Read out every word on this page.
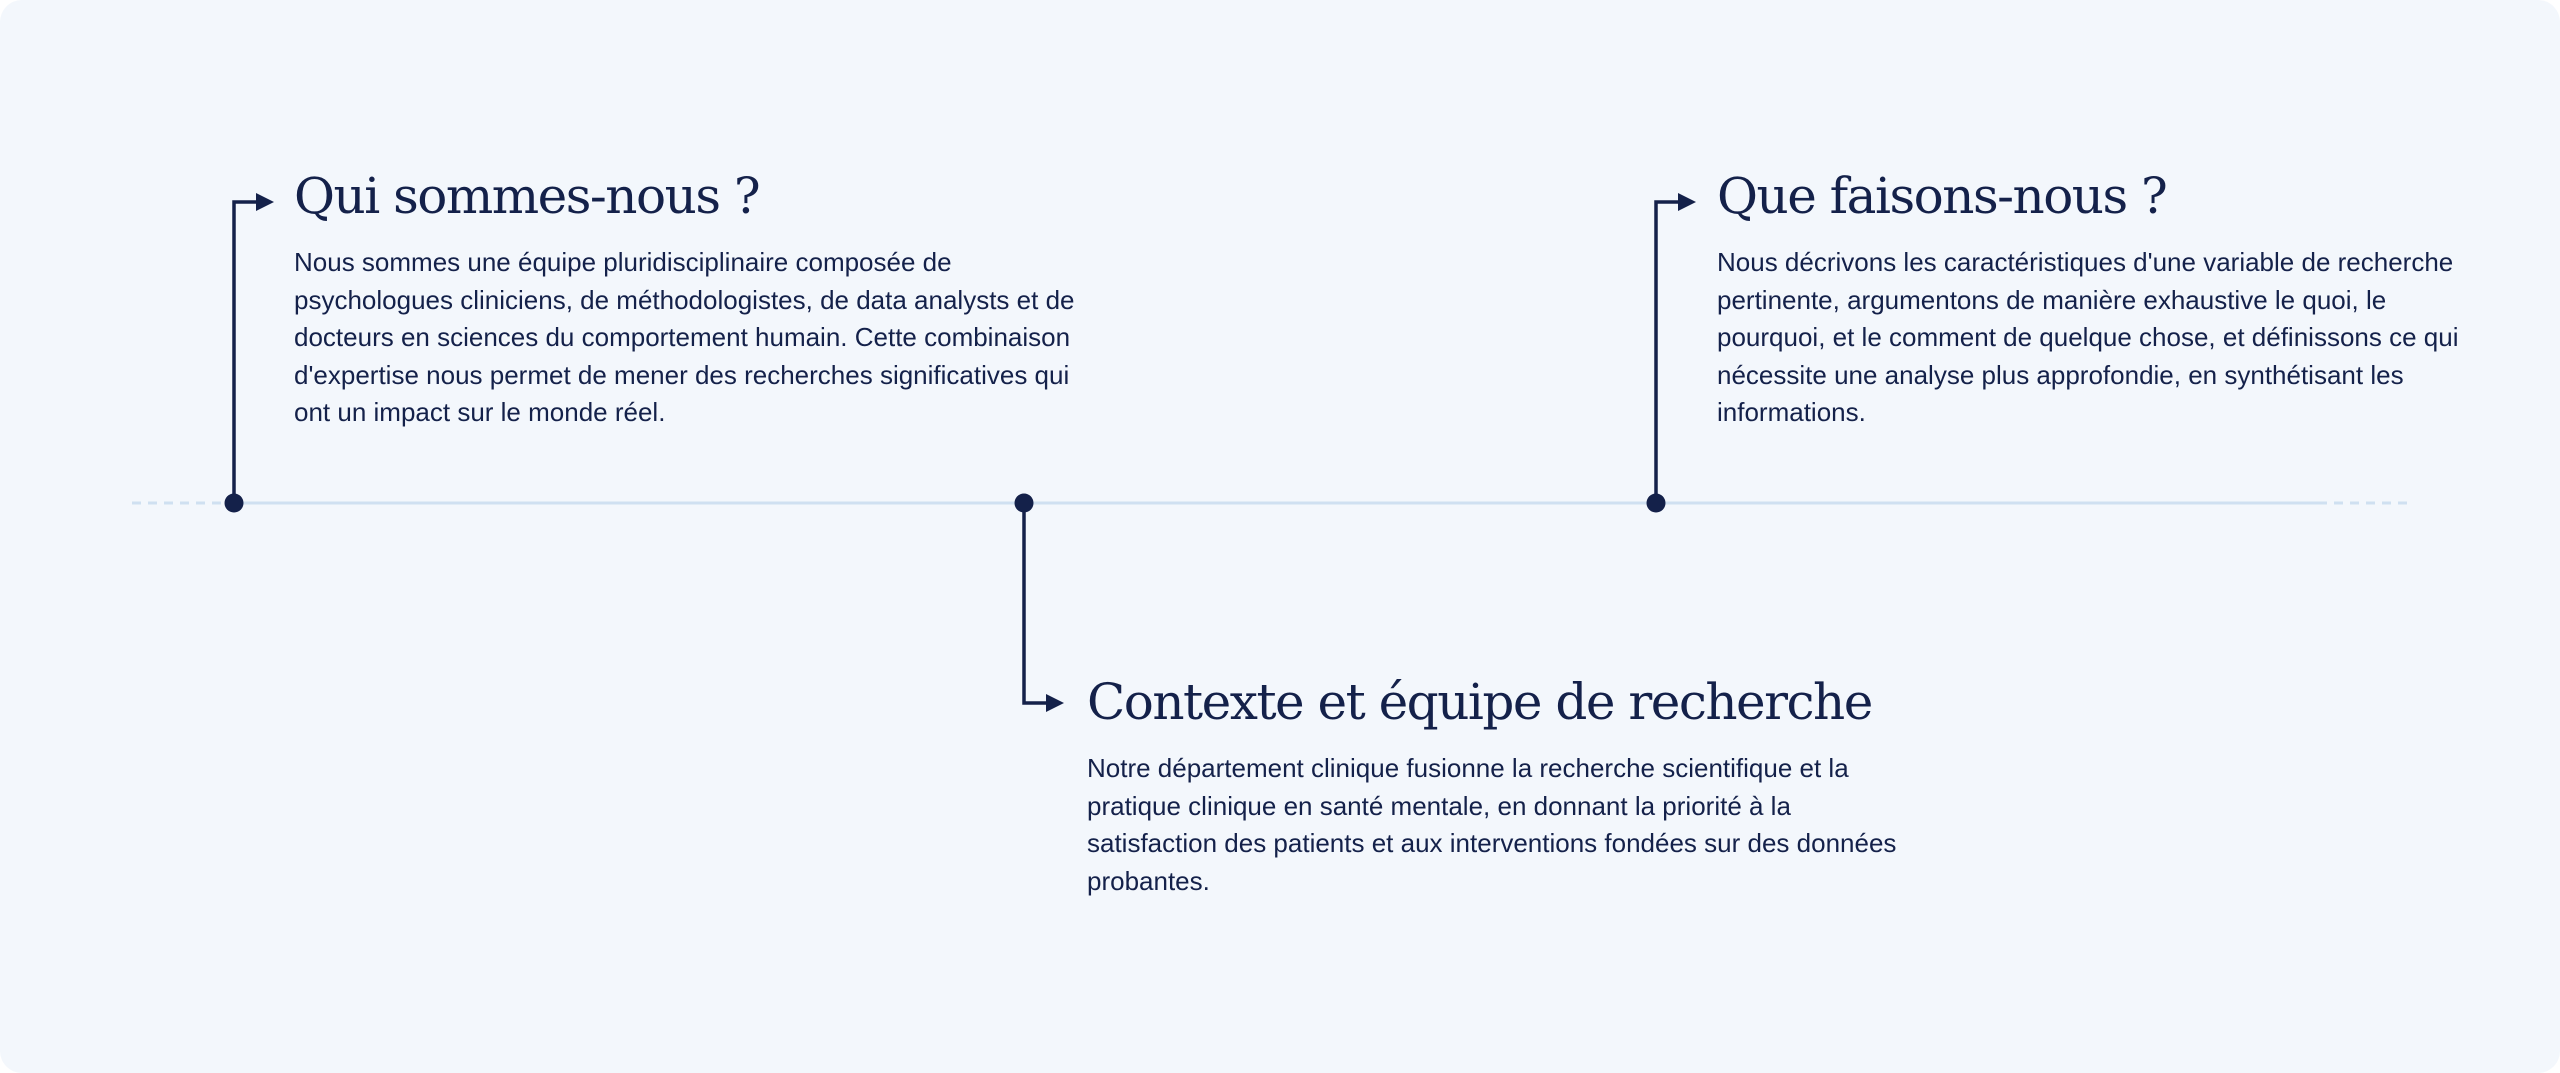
Qui sommes-nous ?

Nous sommes une équipe pluridisciplinaire composée de psychologues cliniciens, de méthodologistes, de data analysts et de docteurs en sciences du comportement humain. Cette combinaison d'expertise nous permet de mener des recherches significatives qui ont un impact sur le monde réel.

Que faisons-nous ?

Nous décrivons les caractéristiques d'une variable de recherche pertinente, argumentons de manière exhaustive le quoi, le pourquoi, et le comment de quelque chose, et définissons ce qui nécessite une analyse plus approfondie, en synthétisant les informations.

Contexte et équipe de recherche

Notre département clinique fusionne la recherche scientifique et la pratique clinique en santé mentale, en donnant la priorité à la satisfaction des patients et aux interventions fondées sur des données probantes.
